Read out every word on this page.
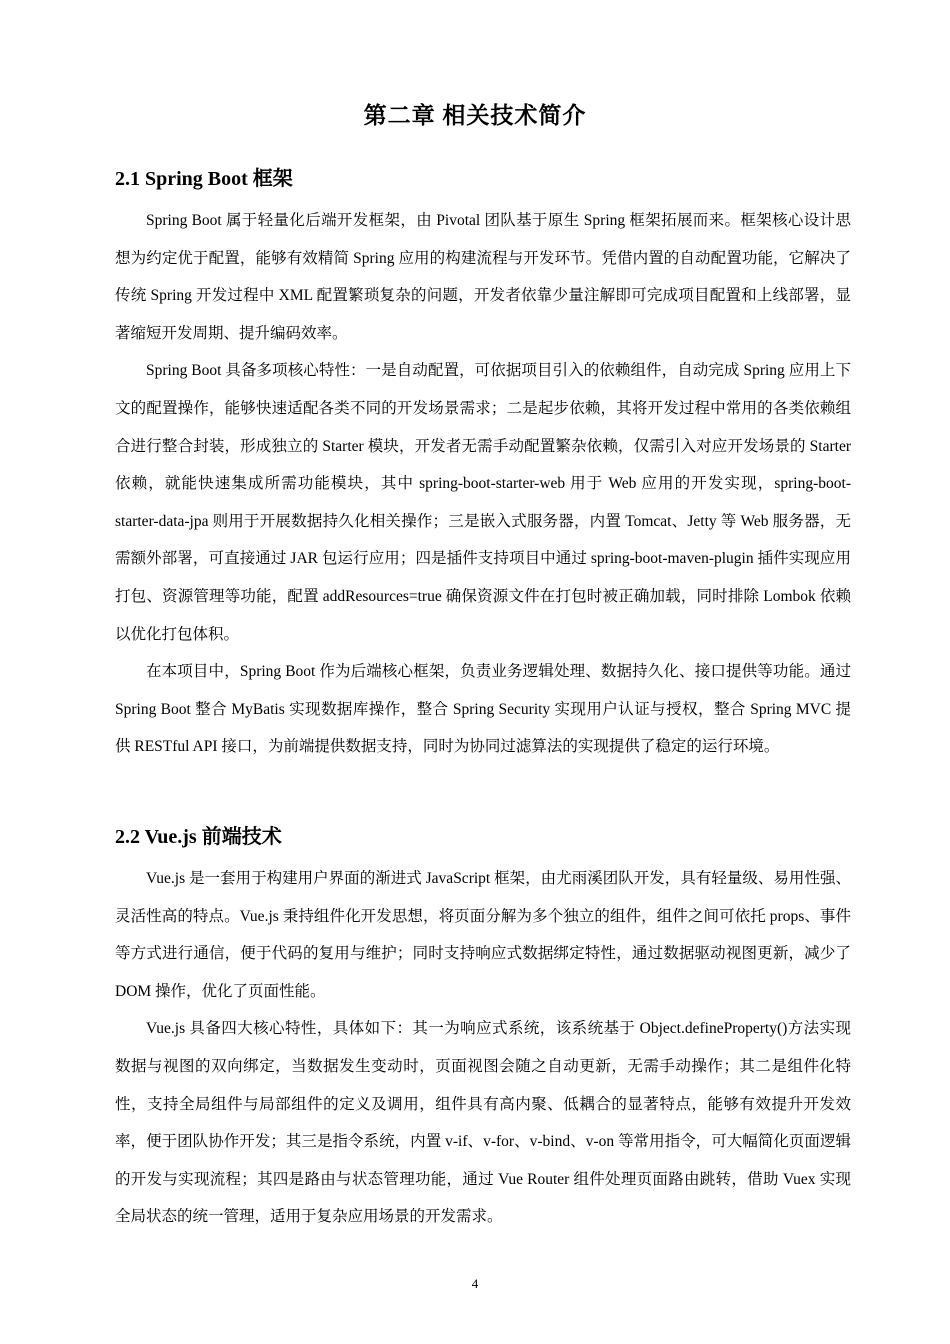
第二章 相关技术简介
2.1 Spring Boot 框架

Spring Boot 属于轻量化后端开发框架，由 Pivotal 团队基于原生 Spring 框架拓展而来。框架核心设计思想为约定优于配置，能够有效精简 Spring 应用的构建流程与开发环节。凭借内置的自动配置功能，它解决了传统 Spring 开发过程中 XML 配置繁琐复杂的问题，开发者依靠少量注解即可完成项目配置和上线部署，显著缩短开发周期、提升编码效率。

Spring Boot 具备多项核心特性：一是自动配置，可依据项目引入的依赖组件，自动完成 Spring 应用上下文的配置操作，能够快速适配各类不同的开发场景需求；二是起步依赖，其将开发过程中常用的各类依赖组合进行整合封装，形成独立的 Starter 模块，开发者无需手动配置繁杂依赖，仅需引入对应开发场景的 Starter 依赖，就能快速集成所需功能模块，其中 spring-boot-starter-web 用于 Web 应用的开发实现，spring-boot-starter-data-jpa 则用于开展数据持久化相关操作；三是嵌入式服务器，内置 Tomcat、Jetty 等 Web 服务器，无需额外部署，可直接通过 JAR 包运行应用；四是插件支持项目中通过 spring-boot-maven-plugin 插件实现应用打包、资源管理等功能，配置 addResources=true 确保资源文件在打包时被正确加载，同时排除 Lombok 依赖以优化打包体积。

在本项目中，Spring Boot 作为后端核心框架，负责业务逻辑处理、数据持久化、接口提供等功能。通过 Spring Boot 整合 MyBatis 实现数据库操作，整合 Spring Security 实现用户认证与授权，整合 Spring MVC 提供 RESTful API 接口，为前端提供数据支持，同时为协同过滤算法的实现提供了稳定的运行环境。

2.2 Vue.js 前端技术

Vue.js 是一套用于构建用户界面的渐进式 JavaScript 框架，由尤雨溪团队开发，具有轻量级、易用性强、灵活性高的特点。Vue.js 秉持组件化开发思想，将页面分解为多个独立的组件，组件之间可依托 props、事件等方式进行通信，便于代码的复用与维护；同时支持响应式数据绑定特性，通过数据驱动视图更新，减少了 DOM 操作，优化了页面性能。

Vue.js 具备四大核心特性，具体如下：其一为响应式系统，该系统基于 Object.defineProperty()方法实现数据与视图的双向绑定，当数据发生变动时，页面视图会随之自动更新，无需手动操作；其二是组件化特性，支持全局组件与局部组件的定义及调用，组件具有高内聚、低耦合的显著特点，能够有效提升开发效率，便于团队协作开发；其三是指令系统，内置 v-if、v-for、v-bind、v-on 等常用指令，可大幅简化页面逻辑的开发与实现流程；其四是路由与状态管理功能，通过 Vue Router 组件处理页面路由跳转，借助 Vuex 实现全局状态的统一管理，适用于复杂应用场景的开发需求。

4
